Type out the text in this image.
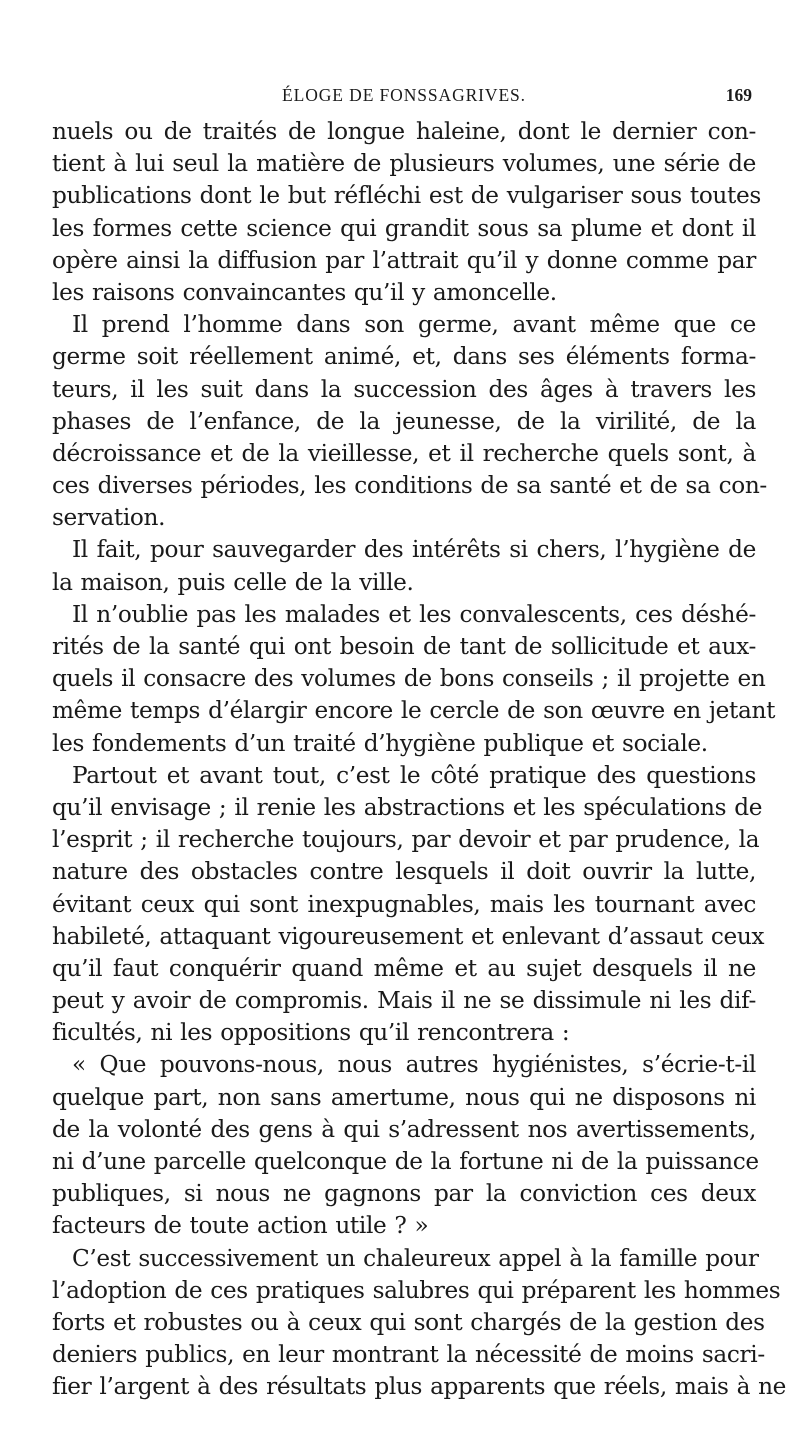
ÉLOGE DE FONSSAGRIVES.	169

nuels ou de traités de longue haleine, dont le dernier con-
tient à lui seul la matière de plusieurs volumes, une série de
publications dont le but réfléchi est de vulgariser sous toutes
les formes cette science qui grandit sous sa plume et dont il
opère ainsi la diffusion par l’attrait qu’il y donne comme par
les raisons convaincantes qu’il y amoncelle.

Il prend l’homme dans son germe, avant même que ce
germe soit réellement animé, et, dans ses éléments forma-
teurs, il les suit dans la succession des âges à travers les
phases de l’enfance, de la jeunesse, de la virilité, de la
décroissance et de la vieillesse, et il recherche quels sont, à
ces diverses périodes, les conditions de sa santé et de sa con-
servation.

Il fait, pour sauvegarder des intérêts si chers, l’hygiène de
la maison, puis celle de la ville.

Il n’oublie pas les malades et les convalescents, ces déshé-
rités de la santé qui ont besoin de tant de sollicitude et aux-
quels il consacre des volumes de bons conseils ; il projette en
même temps d’élargir encore le cercle de son œuvre en jetant
les fondements d’un traité d’hygiène publique et sociale.

Partout et avant tout, c’est le côté pratique des questions
qu’il envisage ; il renie les abstractions et les spéculations de
l’esprit ; il recherche toujours, par devoir et par prudence, la
nature des obstacles contre lesquels il doit ouvrir la lutte,
évitant ceux qui sont inexpugnables, mais les tournant avec
habileté, attaquant vigoureusement et enlevant d’assaut ceux
qu’il faut conquérir quand même et au sujet desquels il ne
peut y avoir de compromis. Mais il ne se dissimule ni les dif-
ficultés, ni les oppositions qu’il rencontrera :

« Que pouvons-nous, nous autres hygiénistes, s’écrie-t-il
quelque part, non sans amertume, nous qui ne disposons ni
de la volonté des gens à qui s’adressent nos avertissements,
ni d’une parcelle quelconque de la fortune ni de la puissance
publiques, si nous ne gagnons par la conviction ces deux
facteurs de toute action utile ? »

C’est successivement un chaleureux appel à la famille pour
l’adoption de ces pratiques salubres qui préparent les hommes
forts et robustes ou à ceux qui sont chargés de la gestion des
deniers publics, en leur montrant la nécessité de moins sacri-
fier l’argent à des résultats plus apparents que réels, mais à ne
